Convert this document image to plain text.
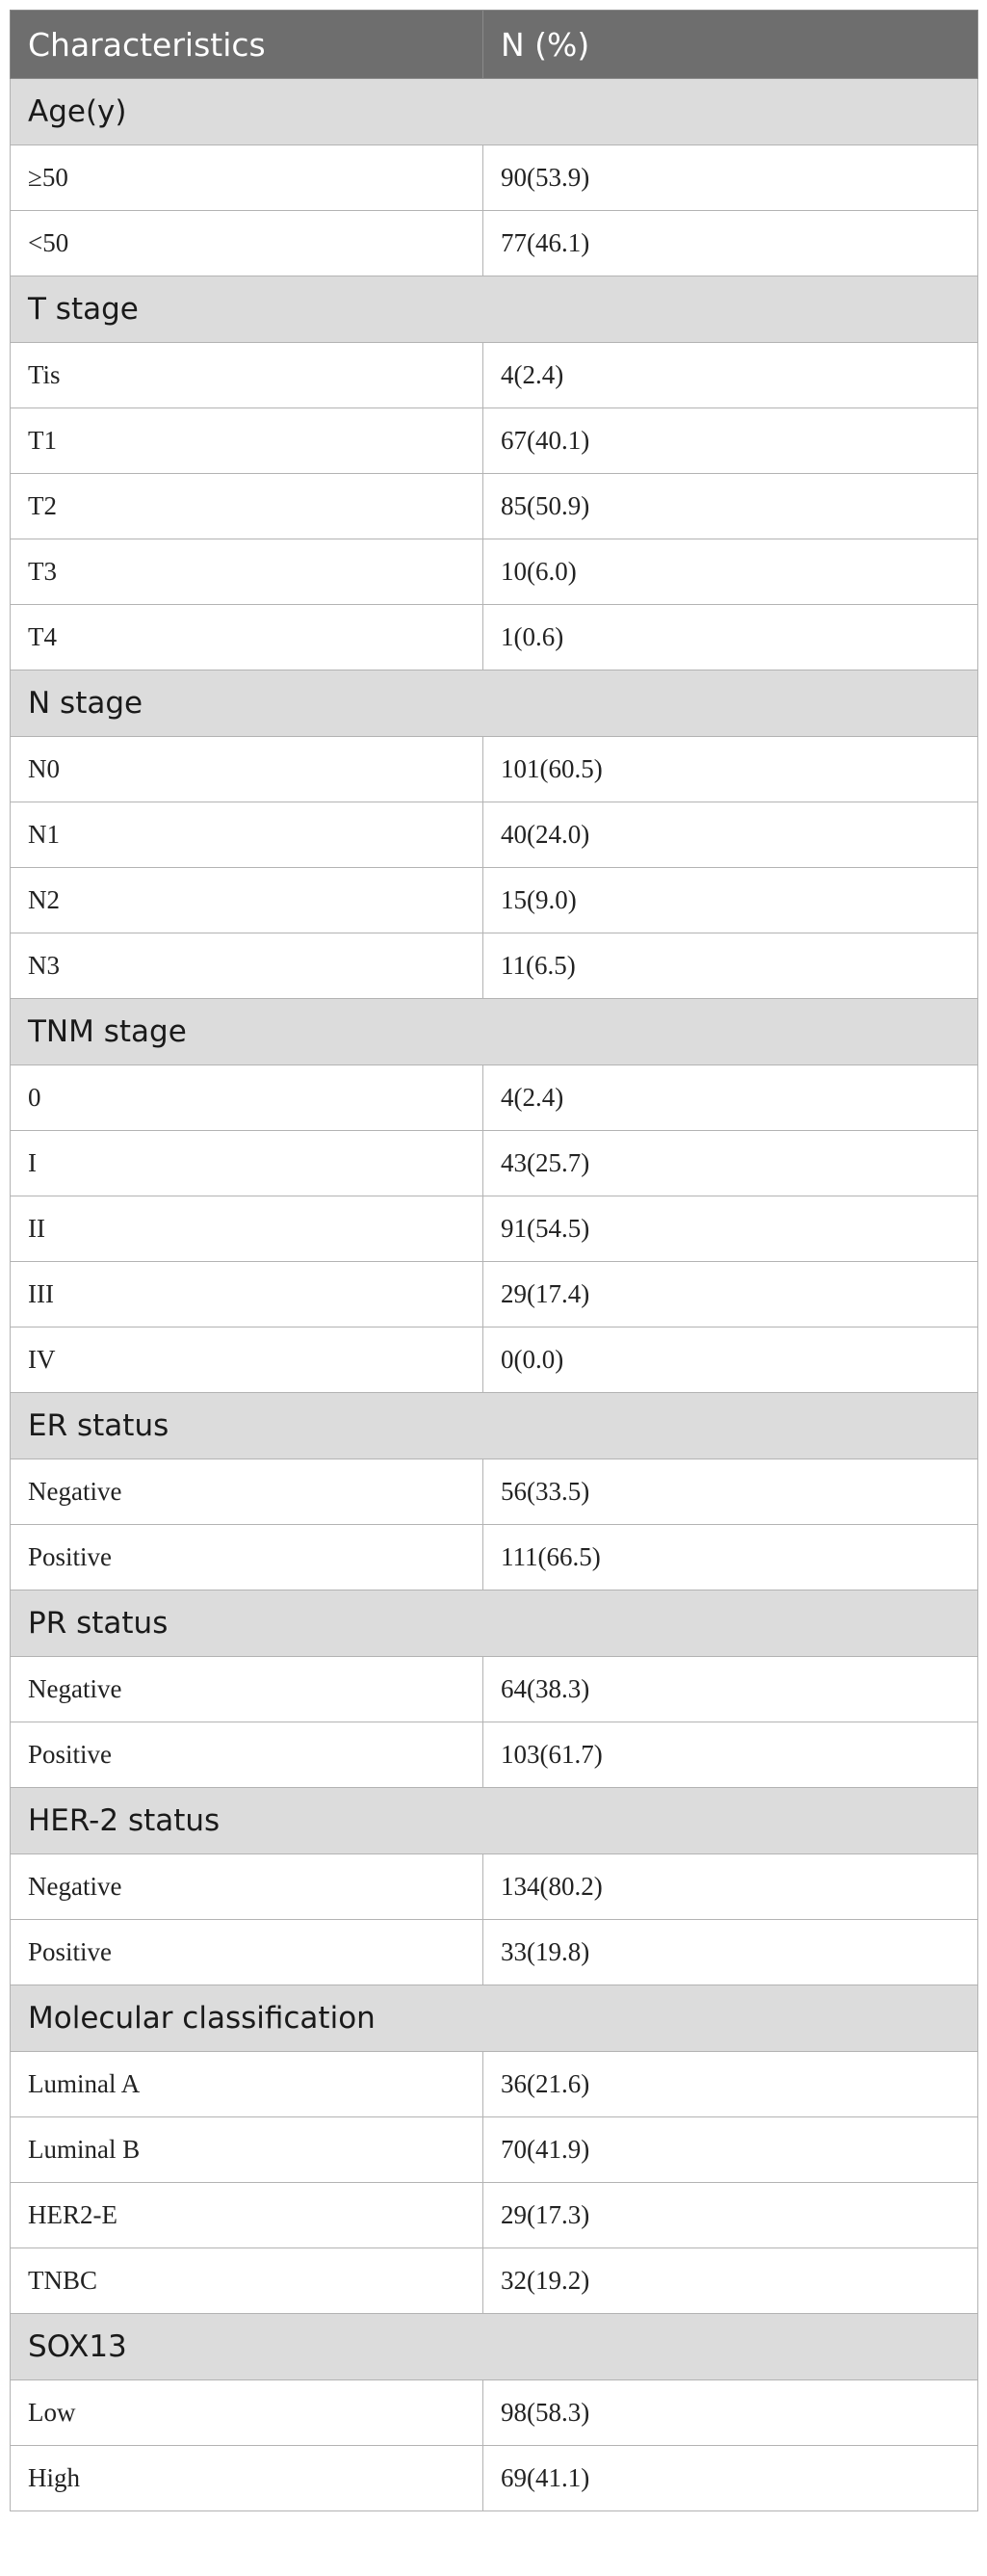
Characteristics	N (%)
Age(y)	
≥50	90(53.9)
<50	77(46.1)
T stage	
Tis	4(2.4)
T1	67(40.1)
T2	85(50.9)
T3	10(6.0)
T4	1(0.6)
N stage	
N0	101(60.5)
N1	40(24.0)
N2	15(9.0)
N3	11(6.5)
TNM stage	
0	4(2.4)
I	43(25.7)
II	91(54.5)
III	29(17.4)
IV	0(0.0)
ER status	
Negative	56(33.5)
Positive	111(66.5)
PR status	
Negative	64(38.3)
Positive	103(61.7)
HER-2 status	
Negative	134(80.2)
Positive	33(19.8)
Molecular classification	
Luminal A	36(21.6)
Luminal B	70(41.9)
HER2-E	29(17.3)
TNBC	32(19.2)
SOX13	
Low	98(58.3)
High	69(41.1)
